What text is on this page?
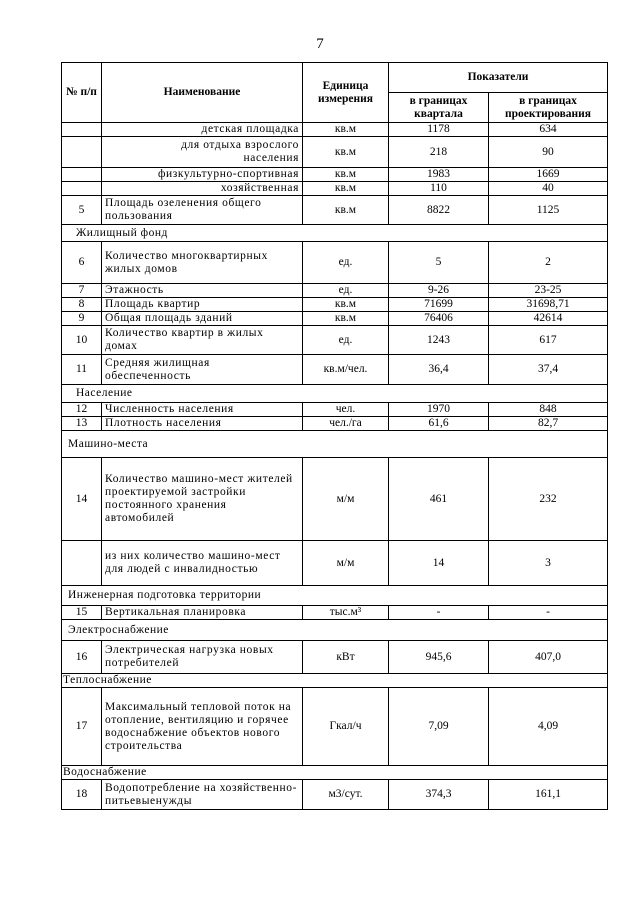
7
№ п/п	Наименование	Единица измерения	Показатели	
			в границах квартала	в границах проектирования
	детская площадка	кв.м	1178	634
	для отдыха взрослого населения	кв.м	218	90
	физкультурно-спортивная	кв.м	1983	1669
	хозяйственная	кв.м	110	40
5	Площадь озеленения общего пользования	кв.м	8822	1125
Жилищный фонд				
6	Количество многоквартирных жилых домов	ед.	5	2
7	Этажность	ед.	9-26	23-25
8	Площадь квартир	кв.м	71699	31698,71
9	Общая площадь зданий	кв.м	76406	42614
10	Количество квартир в жилых домах	ед.	1243	617
11	Средняя жилищная обеспеченность	кв.м/чел.	36,4	37,4
Население				
12	Численность населения	чел.	1970	848
13	Плотность населения	чел./га	61,6	82,7
Машино-места				
14	Количество машино-мест жителей проектируемой застройки постоянного хранения автомобилей	м/м	461	232
	из них количество машино-мест для людей с инвалидностью	м/м	14	3
Инженерная подготовка территории				
15	Вертикальная планировка	тыс.м³	-	-
Электроснабжение				
16	Электрическая нагрузка новых потребителей	кВт	945,6	407,0
Теплоснабжение				
17	Максимальный тепловой поток на отопление, вентиляцию и горячее водоснабжение объектов нового строительства	Гкал/ч	7,09	4,09
Водоснабжение				
18	Водопотребление на хозяйственно-питьевыенужды	м3/сут.	374,3	161,1
